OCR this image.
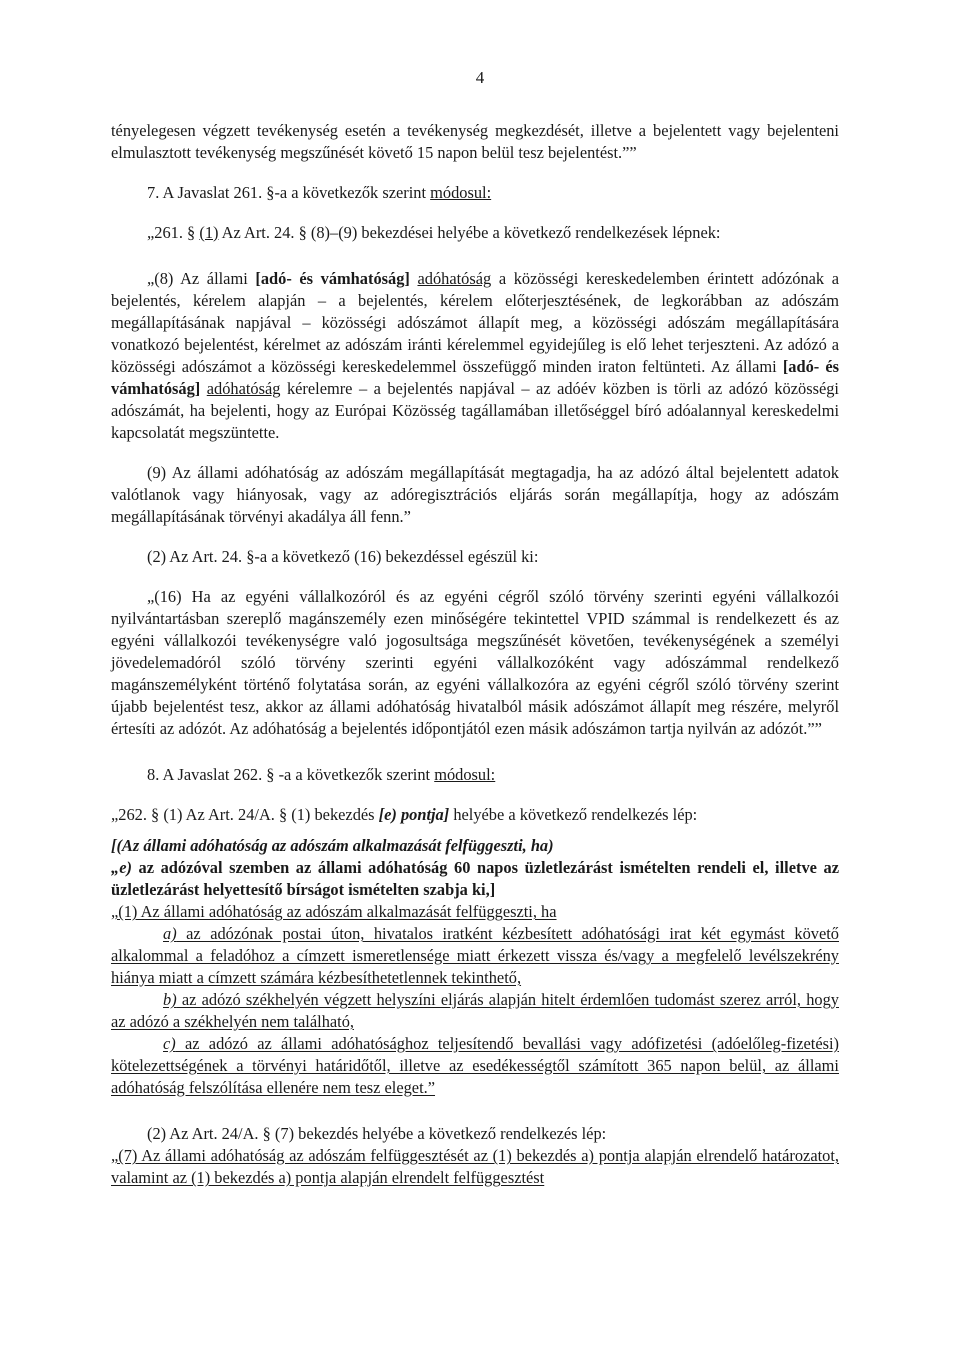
4

tényelegesen végzett tevékenység esetén a tevékenység megkezdését, illetve a bejelentett vagy bejelenteni elmulasztott tevékenység megszűnését követő 15 napon belül tesz bejelentést.””

7. A Javaslat 261. §-a a következők szerint módosul:

„261. § (1) Az Art. 24. § (8)–(9) bekezdései helyébe a következő rendelkezések lépnek:

„(8) Az állami [adó- és vámhatóság] adóhatóság a közösségi kereskedelemben érintett adózónak a bejelentés, kérelem alapján – a bejelentés, kérelem előterjesztésének, de legkorábban az adószám megállapításának napjával – közösségi adószámot állapít meg, a közösségi adószám megállapítására vonatkozó bejelentést, kérelmet az adószám iránti kérelemmel egyidejűleg is elő lehet terjeszteni. Az adózó a közösségi adószámot a közösségi kereskedelemmel összefüggő minden iraton feltünteti. Az állami [adó- és vámhatóság] adóhatóság kérelemre – a bejelentés napjával – az adóév közben is törli az adózó közösségi adószámát, ha bejelenti, hogy az Európai Közösség tagállamában illetőséggel bíró adóalannyal kereskedelmi kapcsolatát megszüntette.

(9) Az állami adóhatóság az adószám megállapítását megtagadja, ha az adózó által bejelentett adatok valótlanok vagy hiányosak, vagy az adóregisztrációs eljárás során megállapítja, hogy az adószám megállapításának törvényi akadálya áll fenn.”

(2) Az Art. 24. §-a a következő (16) bekezdéssel egészül ki:

„(16) Ha az egyéni vállalkozóról és az egyéni cégről szóló törvény szerinti egyéni vállalkozói nyilvántartásban szereplő magánszemély ezen minőségére tekintettel VPID számmal is rendelkezett és az egyéni vállalkozói tevékenységre való jogosultsága megszűnését követően, tevékenységének a személyi jövedelemadóról szóló törvény szerinti egyéni vállalkozóként vagy adószámmal rendelkező magánszemélyként történő folytatása során, az egyéni vállalkozóra az egyéni cégről szóló törvény szerint újabb bejelentést tesz, akkor az állami adóhatóság hivatalból másik adószámot állapít meg részére, melyről értesíti az adózót. Az adóhatóság a bejelentés időpontjától ezen másik adószámon tartja nyilván az adózót.””

8. A Javaslat 262. § -a a következők szerint módosul:

„262. § (1) Az Art. 24/A. § (1) bekezdés [e) pontja] helyébe a következő rendelkezés lép:

[(Az állami adóhatóság az adószám alkalmazását felfüggeszti, ha)

„e) az adózóval szemben az állami adóhatóság 60 napos üzletlezárást ismételten rendeli el, illetve az üzletlezárást helyettesítő bírságot ismételten szabja ki,]

„(1) Az állami adóhatóság az adószám alkalmazását felfüggeszti, ha

a) az adózónak postai úton, hivatalos iratként kézbesített adóhatósági irat két egymást követő alkalommal a feladóhoz a címzett ismeretlensége miatt érkezett vissza és/vagy a megfelelő levélszekrény hiánya miatt a címzett számára kézbesíthetetlennek tekinthető,

b) az adózó székhelyén végzett helyszíni eljárás alapján hitelt érdemlően tudomást szerez arról, hogy az adózó a székhelyén nem található,

c) az adózó az állami adóhatósághoz teljesítendő bevallási vagy adófizetési (adóelőleg-fizetési) kötelezettségének a törvényi határidőtől, illetve az esedékességtől számított 365 napon belül, az állami adóhatóság felszólítása ellenére nem tesz eleget.”

(2) Az Art. 24/A. § (7) bekezdés helyébe a következő rendelkezés lép:

„(7) Az állami adóhatóság az adószám felfüggesztését az (1) bekezdés a) pontja alapján elrendelő határozatot, valamint az (1) bekezdés a) pontja alapján elrendelt felfüggesztést
